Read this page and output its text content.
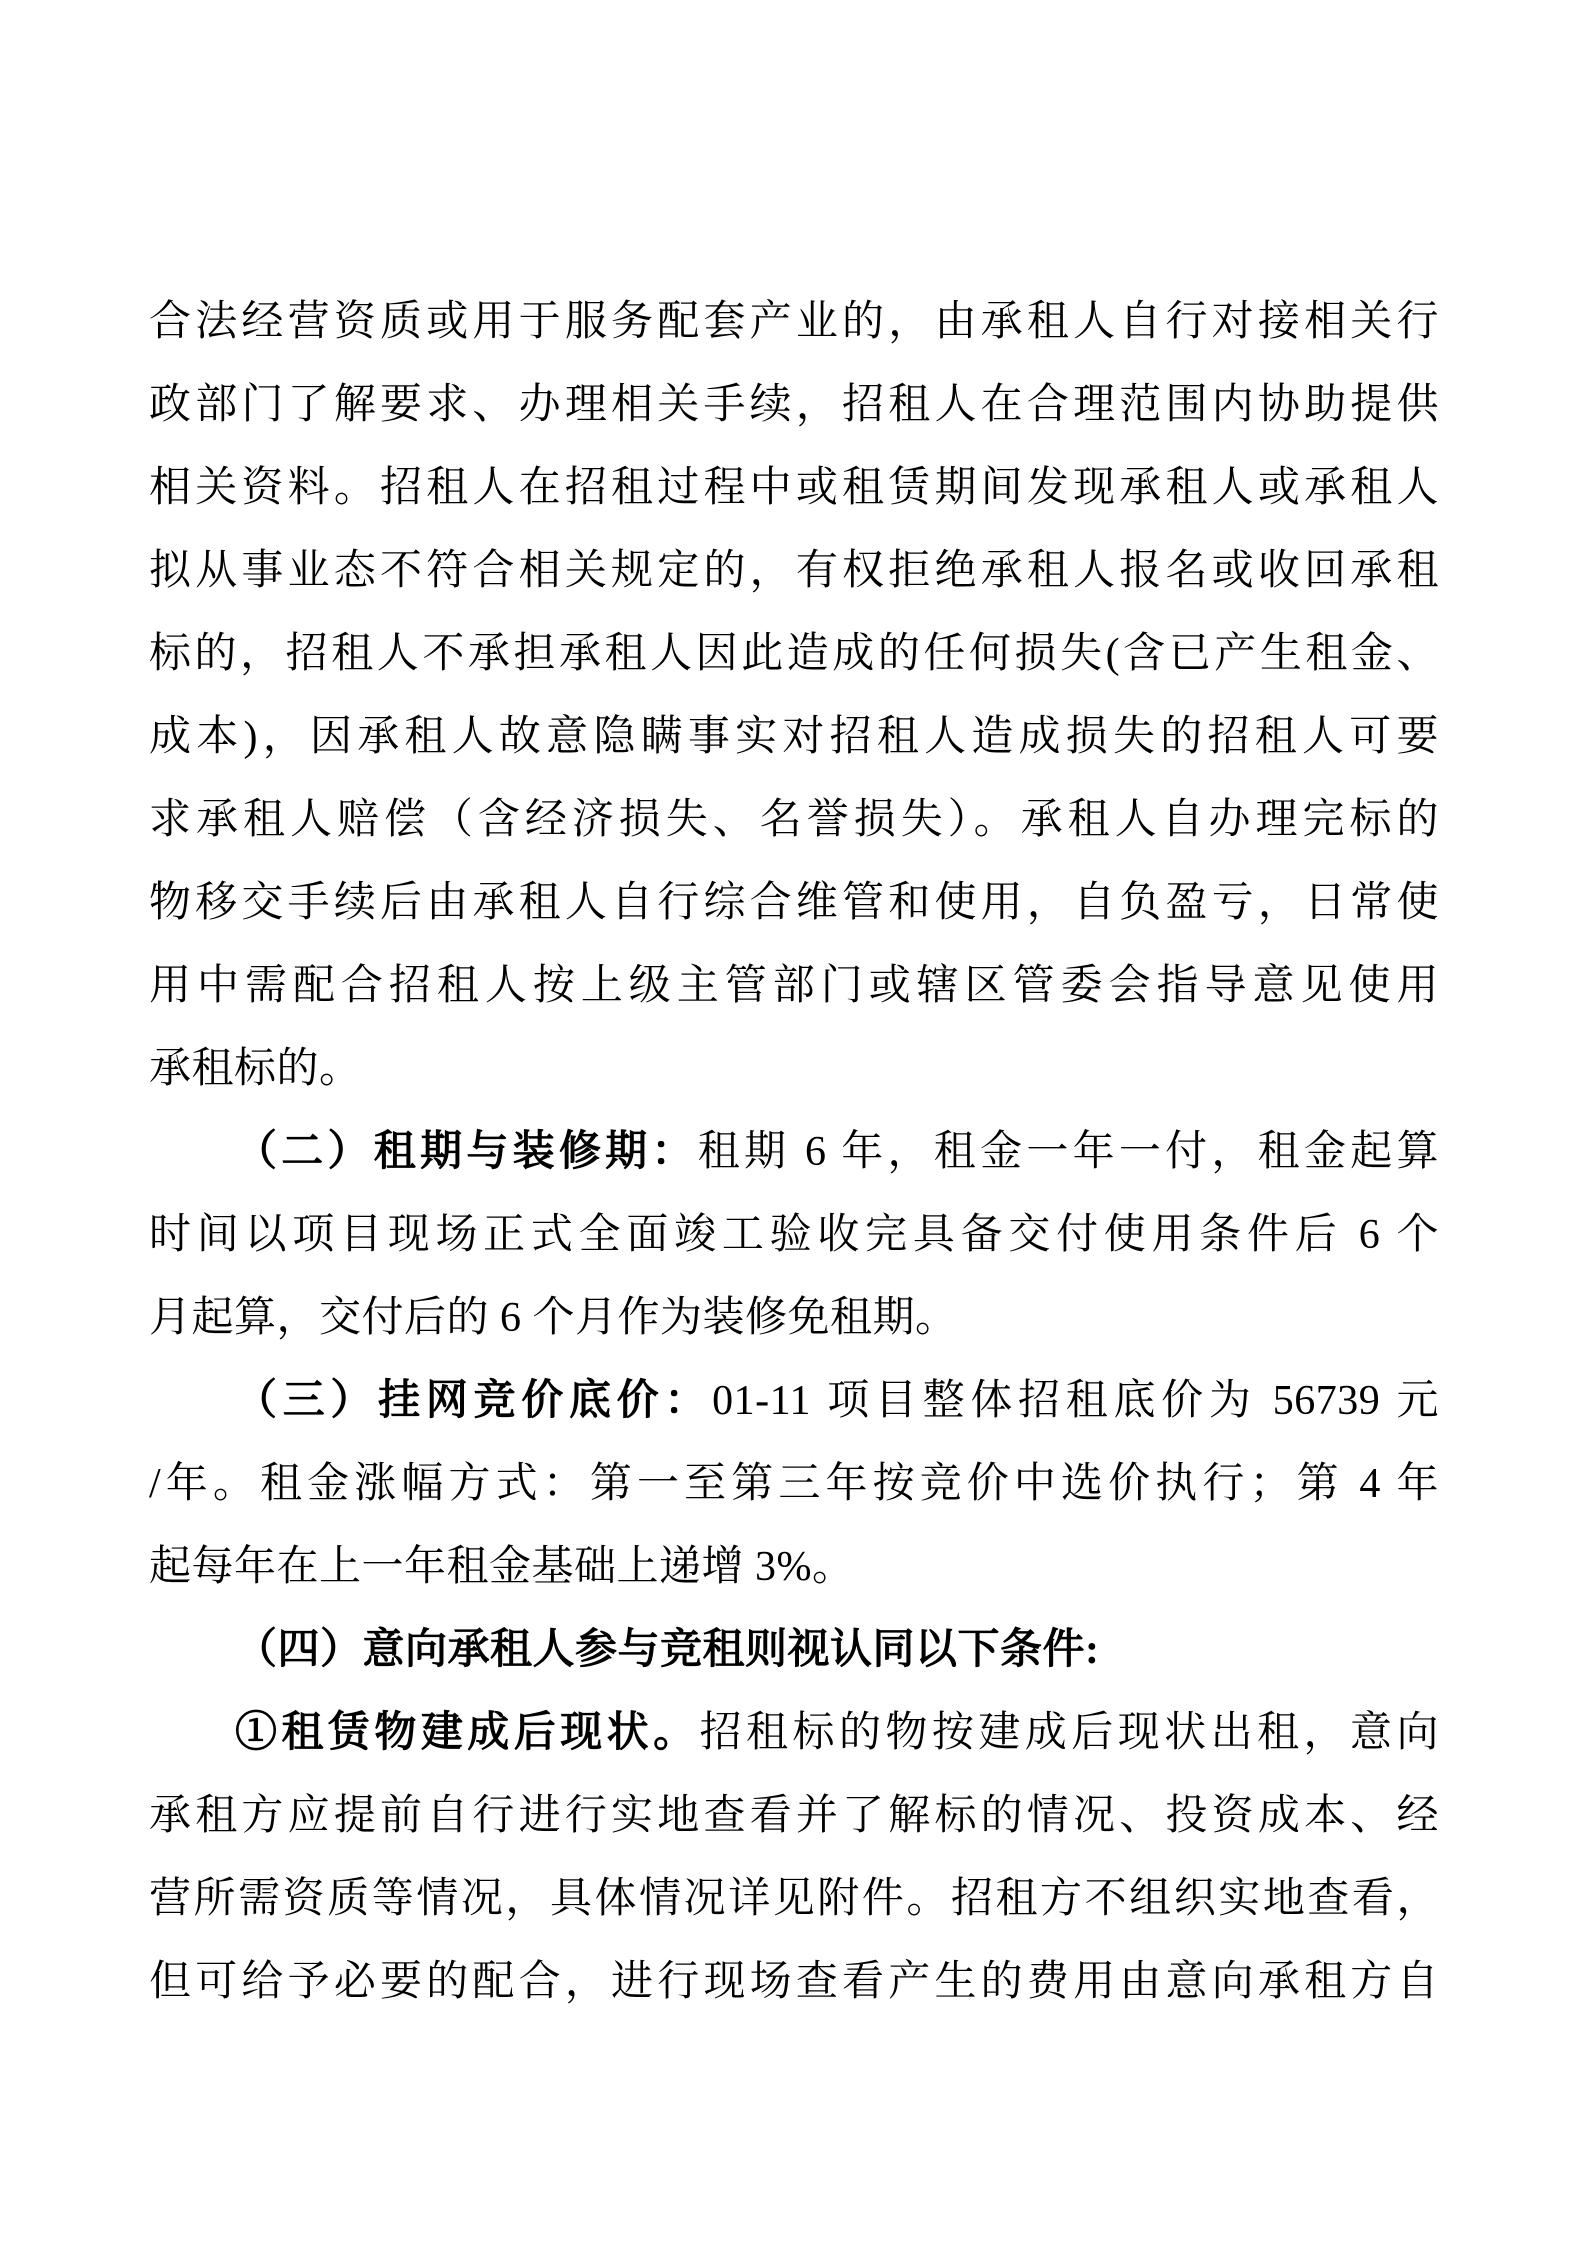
合法经营资质或用于服务配套产业的，由承租人自行对接相关行
政部门了解要求、办理相关手续，招租人在合理范围内协助提供
相关资料。招租人在招租过程中或租赁期间发现承租人或承租人
拟从事业态不符合相关规定的，有权拒绝承租人报名或收回承租
标的，招租人不承担承租人因此造成的任何损失(含已产生租金、
成本)，因承租人故意隐瞒事实对招租人造成损失的招租人可要
求承租人赔偿（含经济损失、名誉损失）。承租人自办理完标的
物移交手续后由承租人自行综合维管和使用，自负盈亏，日常使
用中需配合招租人按上级主管部门或辖区管委会指导意见使用
承租标的。
（二）租期与装修期：租期 6 年，租金一年一付，租金起算
时间以项目现场正式全面竣工验收完具备交付使用条件后 6 个
月起算，交付后的 6 个月作为装修免租期。
（三）挂网竞价底价：01-11 项目整体招租底价为 56739 元
/年。租金涨幅方式：第一至第三年按竞价中选价执行；第 4 年
起每年在上一年租金基础上递增 3%。
（四）意向承租人参与竞租则视认同以下条件:
①租赁物建成后现状。招租标的物按建成后现状出租，意向
承租方应提前自行进行实地查看并了解标的情况、投资成本、经
营所需资质等情况，具体情况详见附件。招租方不组织实地查看，
但可给予必要的配合，进行现场查看产生的费用由意向承租方自
